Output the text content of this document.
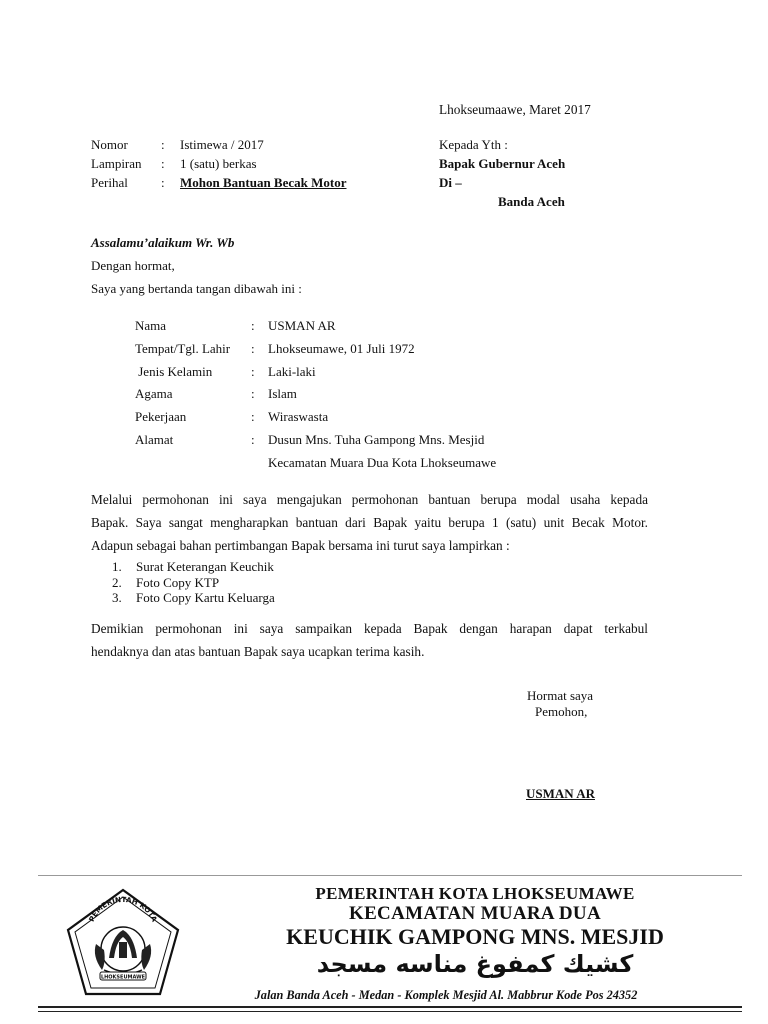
Lhokseumaawe, Maret 2017
Nomor	: Istimewa / 2017
Lampiran : 1 (satu) berkas
Perihal	: Mohon Bantuan Becak Motor
Kepada Yth :
Bapak Gubernur Aceh
Di –
Banda Aceh
Assalamu’alaikum Wr. Wb
Dengan hormat,
Saya yang bertanda tangan dibawah ini :
Nama	: USMAN AR
Tempat/Tgl. Lahir : Lhokseumawe, 01 Juli 1972
Jenis Kelamin	: Laki-laki
Agama	: Islam
Pekerjaan	: Wiraswasta
Alamat	: Dusun Mns. Tuha Gampong Mns. Mesjid
Kecamatan Muara Dua Kota Lhokseumawe
Melalui permohonan ini saya mengajukan permohonan bantuan berupa modal usaha kepada
Bapak. Saya sangat mengharapkan bantuan dari Bapak yaitu berupa 1 (satu) unit Becak Motor.
Adapun sebagai bahan pertimbangan Bapak bersama ini turut saya lampirkan :
1. Surat Keterangan Keuchik
2. Foto Copy KTP
3. Foto Copy Kartu Keluarga
Demikian permohonan ini saya sampaikan kepada Bapak dengan harapan dapat terkabul
hendaknya dan atas bantuan Bapak saya ucapkan terima kasih.
Hormat saya
Pemohon,
USMAN AR
PEMERINTAH KOTA
LHOKSEUMAWE
PEMERINTAH KOTA LHOKSEUMAWE
KECAMATAN MUARA DUA
KEUCHIK GAMPONG MNS. MESJID
كشيك كمفوغ مناسه مسجد
Jalan Banda Aceh - Medan - Komplek Mesjid Al. Mabbrur Kode Pos 24352
